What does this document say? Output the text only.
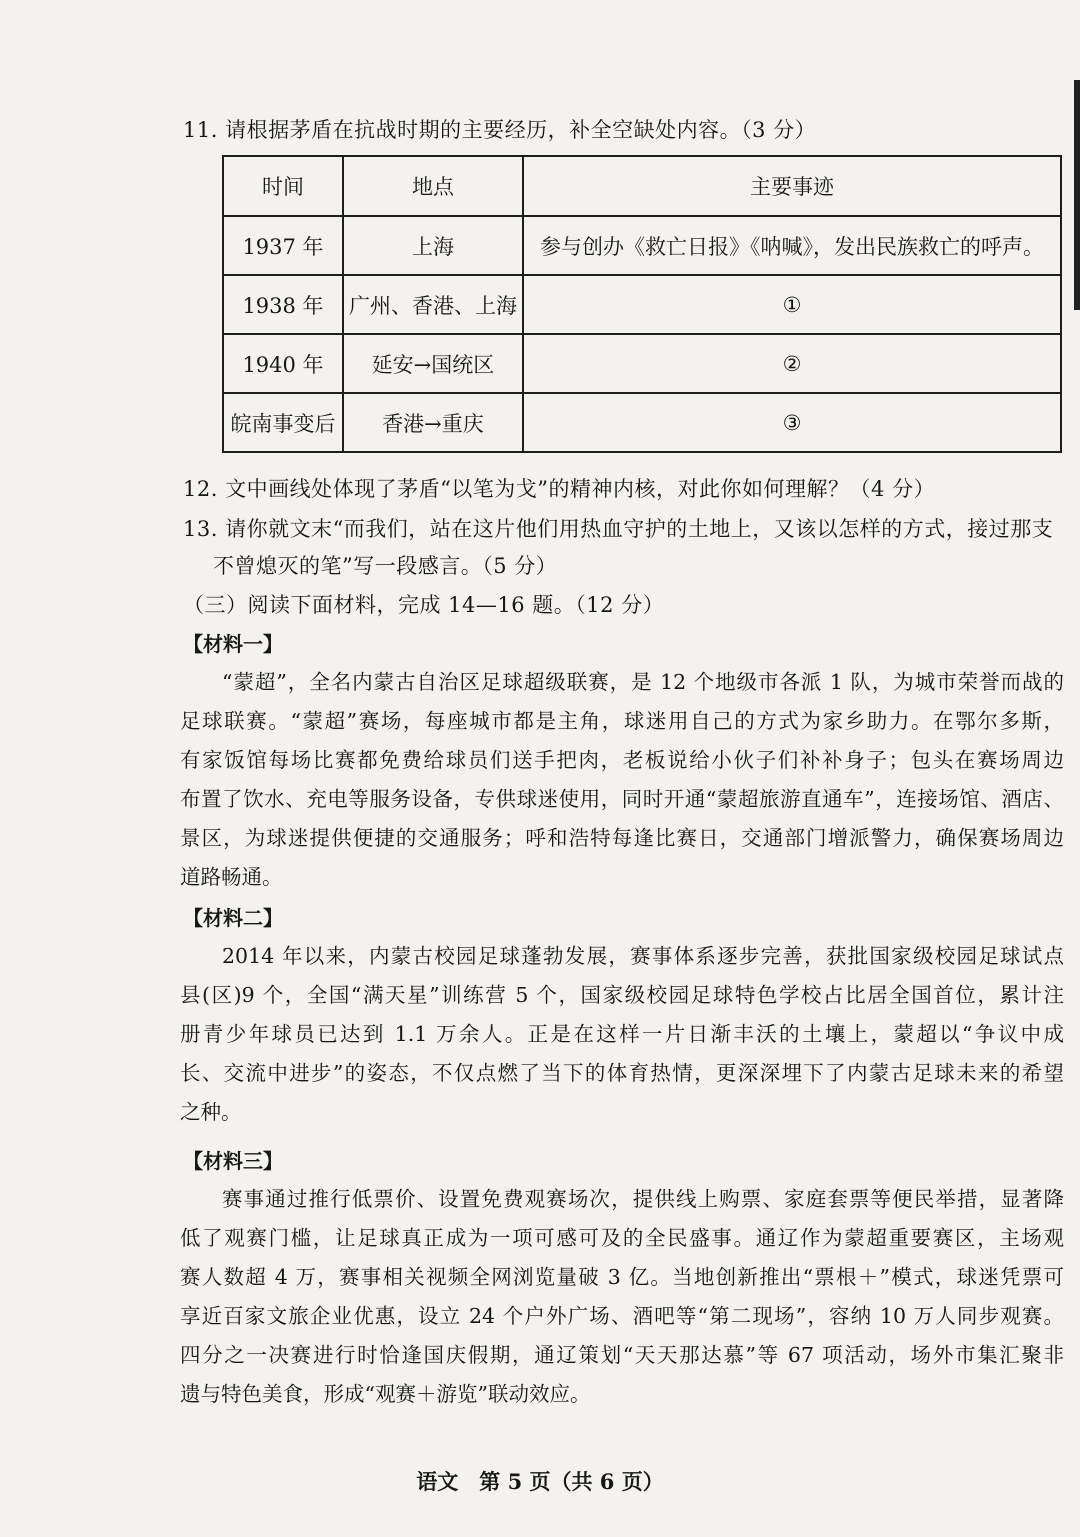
11. 请根据茅盾在抗战时期的主要经历，补全空缺处内容。（3 分）
时间	地点	主要事迹
1937 年	上海	参与创办《救亡日报》《呐喊》，发出民族救亡的呼声。
1938 年	广州、香港、上海	①
1940 年	延安→国统区	②
皖南事变后	香港→重庆	③
12. 文中画线处体现了茅盾“以笔为戈”的精神内核，对此你如何理解？（4 分）
13. 请你就文末“而我们，站在这片他们用热血守护的土地上，又该以怎样的方式，接过那支
不曾熄灭的笔”写一段感言。（5 分）
（三）阅读下面材料，完成 14—16 题。（12 分）
【材料一】
“蒙超”，全名内蒙古自治区足球超级联赛，是 12 个地级市各派 1 队，为城市荣誉而战的
足球联赛。“蒙超”赛场，每座城市都是主角，球迷用自己的方式为家乡助力。在鄂尔多斯，
有家饭馆每场比赛都免费给球员们送手把肉，老板说给小伙子们补补身子；包头在赛场周边
布置了饮水、充电等服务设备，专供球迷使用，同时开通“蒙超旅游直通车”，连接场馆、酒店、
景区，为球迷提供便捷的交通服务；呼和浩特每逢比赛日，交通部门增派警力，确保赛场周边
道路畅通。
【材料二】
2014 年以来，内蒙古校园足球蓬勃发展，赛事体系逐步完善，获批国家级校园足球试点
县(区)9 个，全国“满天星”训练营 5 个，国家级校园足球特色学校占比居全国首位，累计注
册青少年球员已达到 1.1 万余人。正是在这样一片日渐丰沃的土壤上，蒙超以“争议中成
长、交流中进步”的姿态，不仅点燃了当下的体育热情，更深深埋下了内蒙古足球未来的希望
之种。
【材料三】
赛事通过推行低票价、设置免费观赛场次，提供线上购票、家庭套票等便民举措，显著降
低了观赛门槛，让足球真正成为一项可感可及的全民盛事。通辽作为蒙超重要赛区，主场观
赛人数超 4 万，赛事相关视频全网浏览量破 3 亿。当地创新推出“票根＋”模式，球迷凭票可
享近百家文旅企业优惠，设立 24 个户外广场、酒吧等“第二现场”，容纳 10 万人同步观赛。
四分之一决赛进行时恰逢国庆假期，通辽策划“天天那达慕”等 67 项活动，场外市集汇聚非
遗与特色美食，形成“观赛＋游览”联动效应。
语文　第 5 页（共 6 页）
